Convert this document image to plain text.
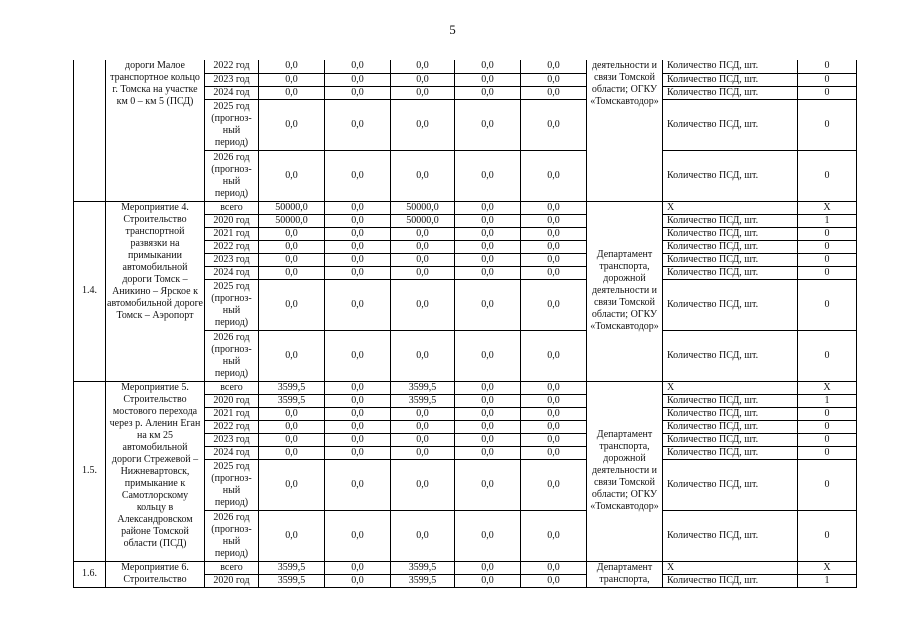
5
	дороги Малое транспортное кольцо г. Томска на участке км 0 – км 5 (ПСД)	2022 год	0,0	0,0	0,0	0,0	0,0	деятельности и связи Томской области; ОГКУ «Томскавтодор»	Количество ПСД, шт.	0
		2023 год	0,0	0,0	0,0	0,0	0,0		Количество ПСД, шт.	0
		2024 год	0,0	0,0	0,0	0,0	0,0		Количество ПСД, шт.	0
		2025 год (прогноз-ный период)	0,0	0,0	0,0	0,0	0,0		Количество ПСД, шт.	0
		2026 год (прогноз-ный период)	0,0	0,0	0,0	0,0	0,0		Количество ПСД, шт.	0
1.4.	Мероприятие 4. Строительство транспортной развязки на примыкании автомобильной дороги Томск – Аникино – Ярское к автомобильной дороге Томск – Аэропорт	всего	50000,0	0,0	50000,0	0,0	0,0	Департамент транспорта, дорожной деятельности и связи Томской области; ОГКУ «Томскавтодор»	Х	Х
		2020 год	50000,0	0,0	50000,0	0,0	0,0		Количество ПСД, шт.	1
		2021 год	0,0	0,0	0,0	0,0	0,0		Количество ПСД, шт.	0
		2022 год	0,0	0,0	0,0	0,0	0,0		Количество ПСД, шт.	0
		2023 год	0,0	0,0	0,0	0,0	0,0		Количество ПСД, шт.	0
		2024 год	0,0	0,0	0,0	0,0	0,0		Количество ПСД, шт.	0
		2025 год (прогноз-ный период)	0,0	0,0	0,0	0,0	0,0		Количество ПСД, шт.	0
		2026 год (прогноз-ный период)	0,0	0,0	0,0	0,0	0,0		Количество ПСД, шт.	0
1.5.	Мероприятие 5. Строительство мостового перехода через р. Аленин Еган на км 25 автомобильной дороги Стрежевой – Нижневартовск, примыкание к Самотлорскому кольцу в Александровском районе Томской области (ПСД)	всего	3599,5	0,0	3599,5	0,0	0,0	Департамент транспорта, дорожной деятельности и связи Томской области; ОГКУ «Томскавтодор»	Х	Х
		2020 год	3599,5	0,0	3599,5	0,0	0,0		Количество ПСД, шт.	1
		2021 год	0,0	0,0	0,0	0,0	0,0		Количество ПСД, шт.	0
		2022 год	0,0	0,0	0,0	0,0	0,0		Количество ПСД, шт.	0
		2023 год	0,0	0,0	0,0	0,0	0,0		Количество ПСД, шт.	0
		2024 год	0,0	0,0	0,0	0,0	0,0		Количество ПСД, шт.	0
		2025 год (прогноз-ный период)	0,0	0,0	0,0	0,0	0,0		Количество ПСД, шт.	0
		2026 год (прогноз-ный период)	0,0	0,0	0,0	0,0	0,0		Количество ПСД, шт.	0
1.6.	Мероприятие 6. Строительство	всего	3599,5	0,0	3599,5	0,0	0,0	Департамент транспорта,	Х	Х
		2020 год	3599,5	0,0	3599,5	0,0	0,0		Количество ПСД, шт.	1
